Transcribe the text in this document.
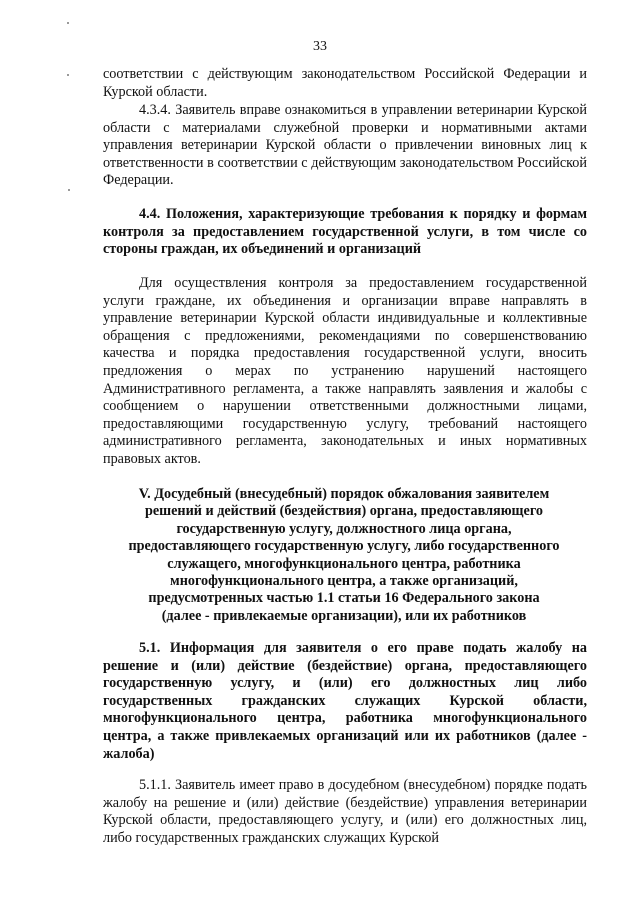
33
соответствии с действующим законодательством Российской Федерации и Курской области.
4.3.4. Заявитель вправе ознакомиться в управлении ветеринарии Курской области с материалами служебной проверки и нормативными актами управления ветеринарии Курской области о привлечении виновных лиц к ответственности в соответствии с действующим законодательством Российской Федерации.
4.4. Положения, характеризующие требования к порядку и формам контроля за предоставлением государственной услуги, в том числе со стороны граждан, их объединений и организаций
Для осуществления контроля за предоставлением государственной услуги граждане, их объединения и организации вправе направлять в управление ветеринарии Курской области индивидуальные и коллективные обращения с предложениями, рекомендациями по совершенствованию качества и порядка предоставления государственной услуги, вносить предложения о мерах по устранению нарушений настоящего Административного регламента, а также направлять заявления и жалобы с сообщением о нарушении ответственными должностными лицами, предоставляющими государственную услугу, требований настоящего административного регламента, законодательных и иных нормативных правовых актов.
V. Досудебный (внесудебный) порядок обжалования заявителем
решений и действий (бездействия) органа, предоставляющего
государственную услугу, должностного лица органа,
предоставляющего государственную услугу, либо государственного
служащего, многофункционального центра, работника
многофункционального центра, а также организаций,
предусмотренных частью 1.1 статьи 16 Федерального закона
(далее - привлекаемые организации), или их работников
5.1. Информация для заявителя о его праве подать жалобу на решение и (или) действие (бездействие) органа, предоставляющего государственную услугу, и (или) его должностных лиц либо государственных гражданских служащих Курской области, многофункционального центра, работника многофункционального центра, а также привлекаемых организаций или их работников (далее - жалоба)
5.1.1. Заявитель имеет право в досудебном (внесудебном) порядке подать жалобу на решение и (или) действие (бездействие) управления ветеринарии Курской области, предоставляющего услугу, и (или) его должностных лиц, либо государственных гражданских служащих Курской
